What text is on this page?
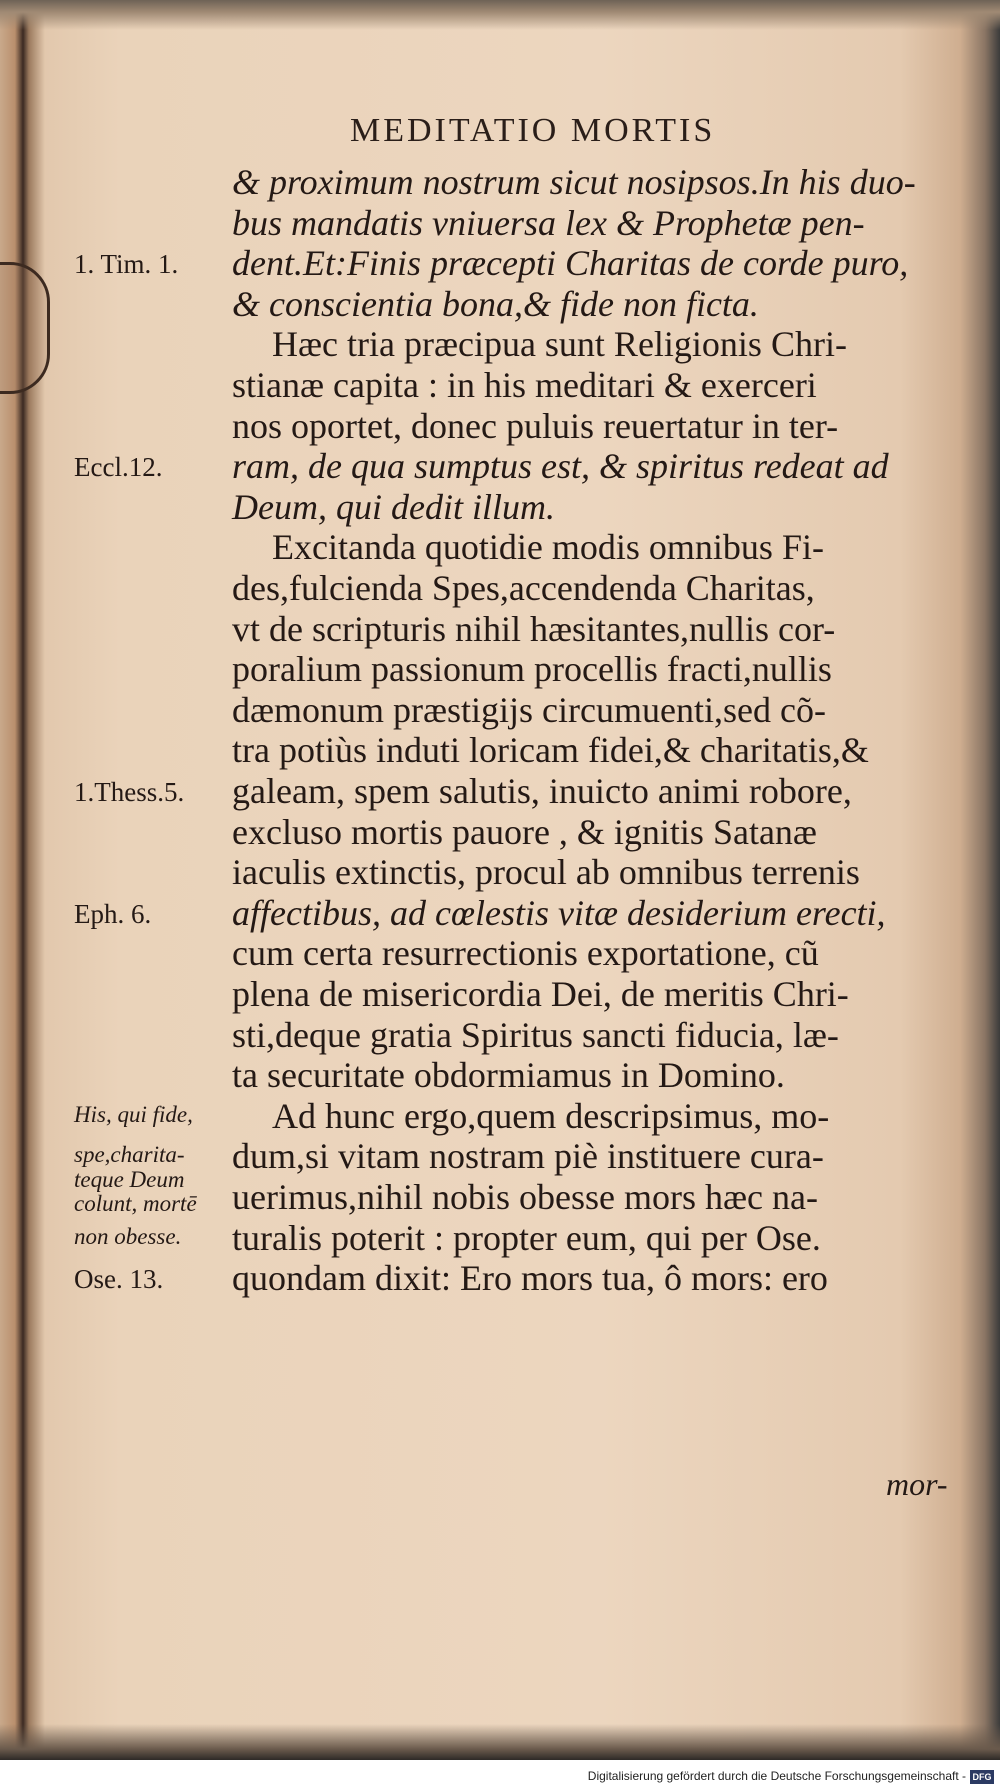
MEDITATIO MORTIS
& proximum nostrum sicut nosipsos.In his duo-
bus mandatis vniuersa lex & Prophetæ pen-
dent.Et:Finis præcepti Charitas de corde puro,
& conscientia bona,& fide non ficta.
Hæc tria præcipua sunt Religionis Chri-
stianæ capita : in his meditari & exerceri
nos oportet, donec puluis reuertatur in ter-
ram, de qua sumptus est, & spiritus redeat ad
Deum, qui dedit illum.
Excitanda quotidie modis omnibus Fi-
des,fulcienda Spes,accendenda Charitas,
vt de scripturis nihil hæsitantes,nullis cor-
poralium passionum procellis fracti,nullis
dæmonum præstigijs circumuenti,sed cõ-
tra potiùs induti loricam fidei,& charitatis,&
galeam, spem salutis, inuicto animi robore,
excluso mortis pauore , & ignitis Satanæ
iaculis extinctis, procul ab omnibus terrenis
affectibus, ad cœlestis vitæ desiderium erecti,
cum certa resurrectionis exportatione, cũ
plena de misericordia Dei, de meritis Chri-
sti,deque gratia Spiritus sancti fiducia, læ-
ta securitate obdormiamus in Domino.
Ad hunc ergo,quem descripsimus, mo-
dum,si vitam nostram piè instituere cura-
uerimus,nihil nobis obesse mors hæc na-
turalis poterit : propter eum, qui per Ose.
quondam dixit: Ero mors tua, ô mors: ero
1. Tim. 1.
Eccl.12.
1.Thess.5.
Eph. 6.
His, qui fide,
spe,charita-
teque Deum
colunt, mortē
non obesse.
Ose. 13.
mor-
Digitalisierung gefördert durch die Deutsche Forschungsgemeinschaft - DFG
